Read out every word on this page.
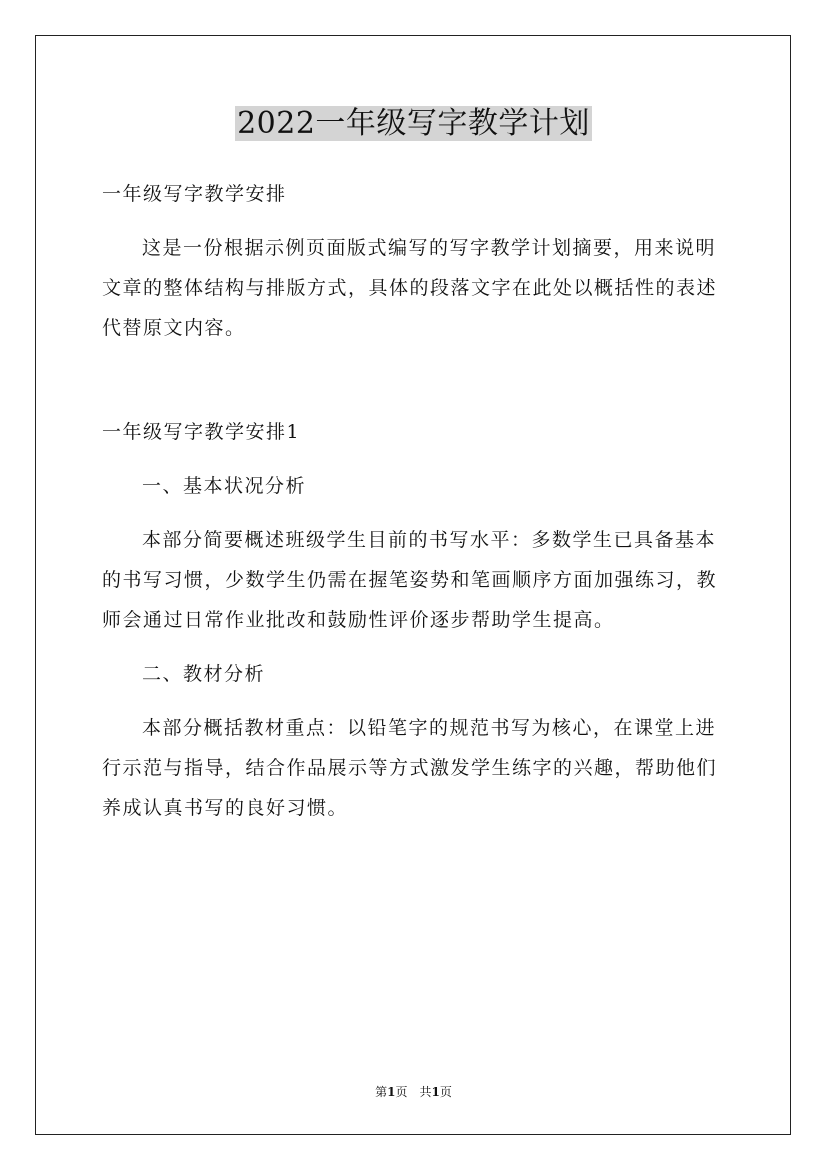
2022一年级写字教学计划

一年级写字教学安排

这是一份根据示例页面版式编写的写字教学计划摘要，用来说明文章的整体结构与排版方式，具体的段落文字在此处以概括性的表述代替原文内容。

一年级写字教学安排1

一、基本状况分析

本部分简要概述班级学生目前的书写水平：多数学生已具备基本的书写习惯，少数学生仍需在握笔姿势和笔画顺序方面加强练习，教师会通过日常作业批改和鼓励性评价逐步帮助学生提高。

二、教材分析

本部分概括教材重点：以铅笔字的规范书写为核心，在课堂上进行示范与指导，结合作品展示等方式激发学生练字的兴趣，帮助他们养成认真书写的良好习惯。

第1页　共1页
